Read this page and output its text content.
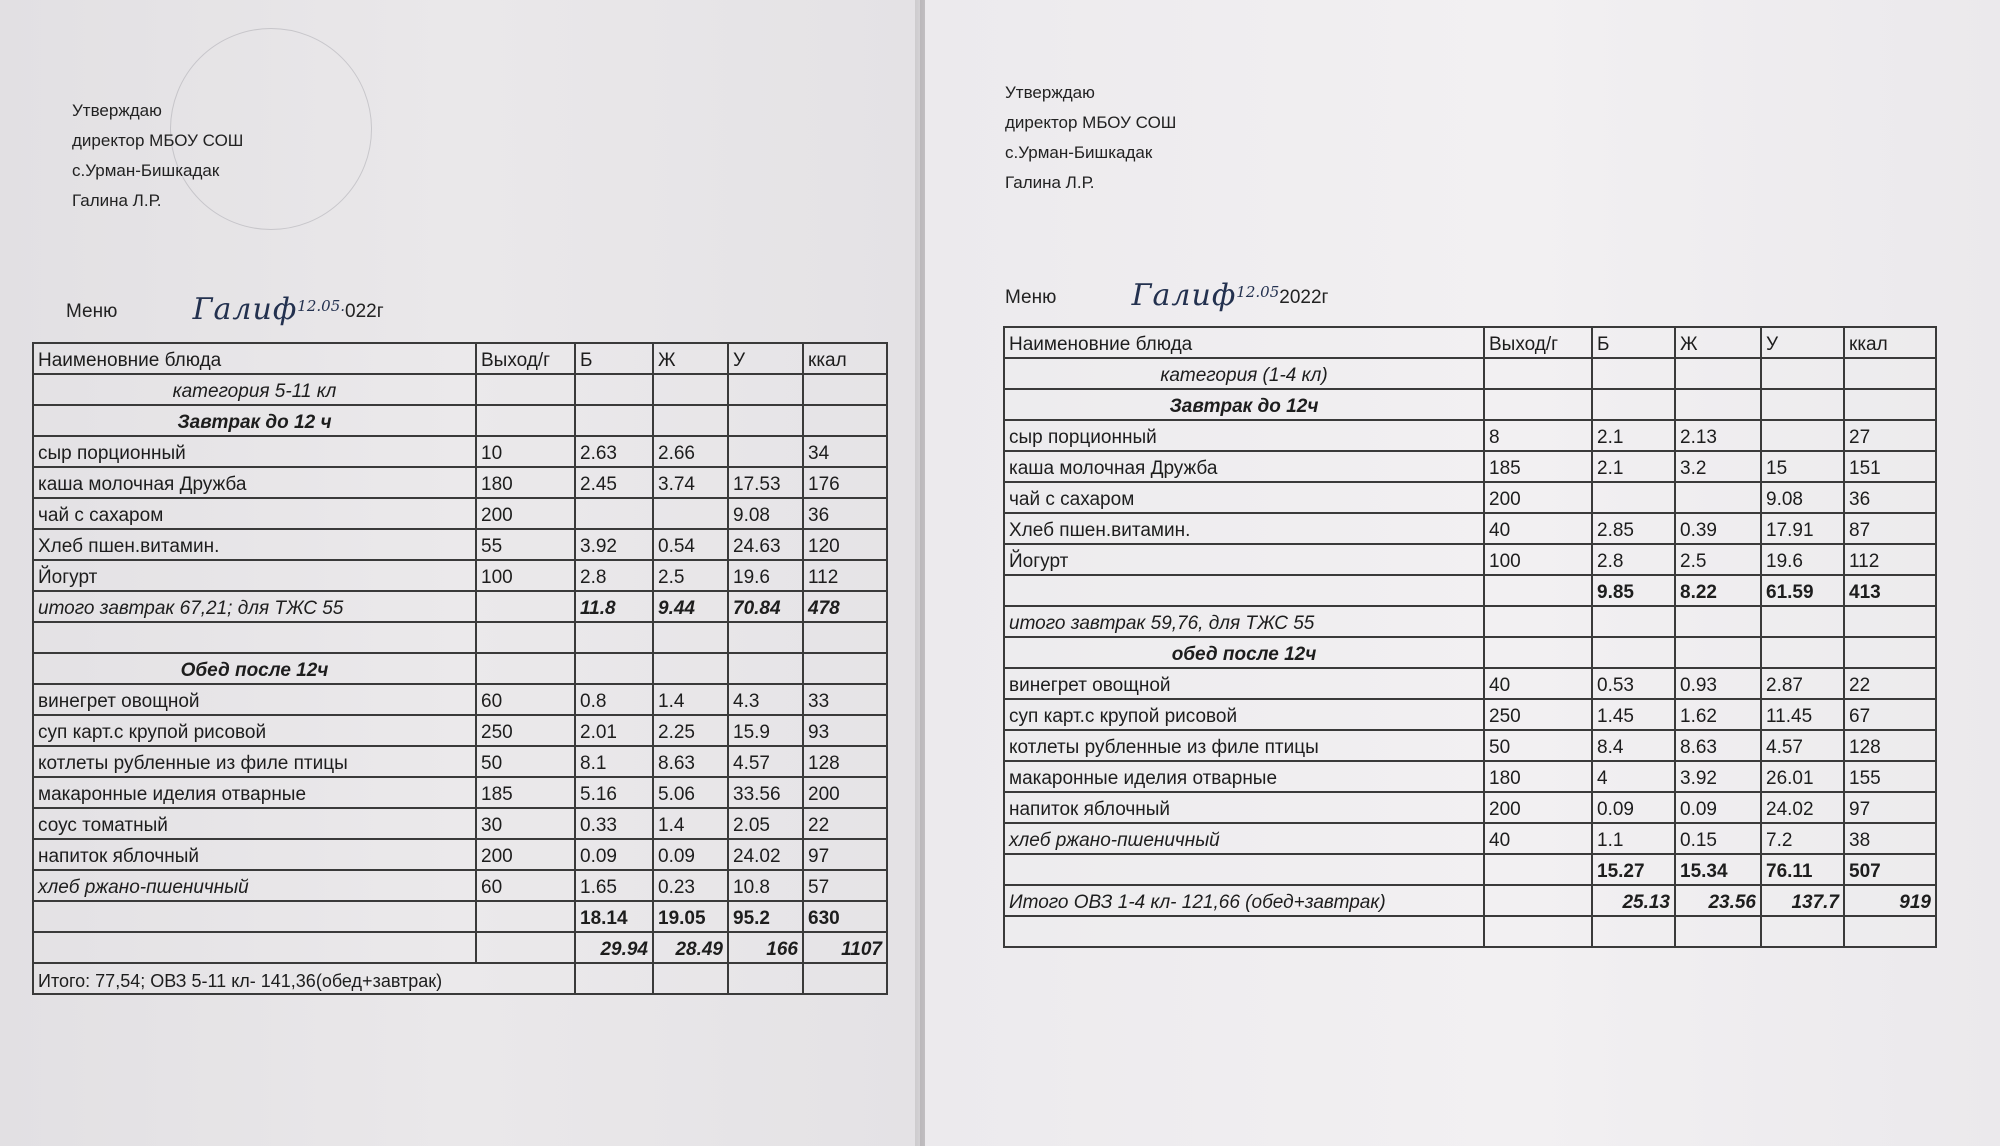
Утверждаю
директор МБОУ СОШ
с.Урман-Бишкадак
Галина Л.Р.
Меню	Галиф$^{12.05.}$022г
Наименовние блюда	Выход/г	Б	Ж	У	ккал
категория 5-11 кл					
Завтрак до 12 ч					
сыр порционный	10	2.63	2.66		34
каша молочная Дружба	180	2.45	3.74	17.53	176
чай с сахаром	200			9.08	36
Хлеб пшен.витамин.	55	3.92	0.54	24.63	120
Йогурт	100	2.8	2.5	19.6	112
итого завтрак 67,21; для ТЖС 55		11.8	9.44	70.84	478

Обед после 12ч					
винегрет овощной	60	0.8	1.4	4.3	33
суп карт.с крупой рисовой	250	2.01	2.25	15.9	93
котлеты рубленные из филе птицы	50	8.1	8.63	4.57	128
макаронные иделия отварные	185	5.16	5.06	33.56	200
соус томатный	30	0.33	1.4	2.05	22
напиток яблочный	200	0.09	0.09	24.02	97
хлеб ржано-пшеничный	60	1.65	0.23	10.8	57
		18.14	19.05	95.2	630
		29.94	28.49	166	1107
Итого: 77,54; ОВЗ 5-11 кл- 141,36(обед+завтрак)					
Утверждаю
директор МБОУ СОШ
с.Урман-Бишкадак
Галина Л.Р.
Меню	Галиф$^{12.05}$2022г
Наименовние блюда	Выход/г	Б	Ж	У	ккал
категория (1-4 кл)					
Завтрак до 12ч					
сыр порционный	8	2.1	2.13		27
каша молочная Дружба	185	2.1	3.2	15	151
чай с сахаром	200			9.08	36
Хлеб пшен.витамин.	40	2.85	0.39	17.91	87
Йогурт	100	2.8	2.5	19.6	112
		9.85	8.22	61.59	413
итого завтрак 59,76, для ТЖС 55					
обед после 12ч					
винегрет овощной	40	0.53	0.93	2.87	22
суп карт.с крупой рисовой	250	1.45	1.62	11.45	67
котлеты рубленные из филе птицы	50	8.4	8.63	4.57	128
макаронные иделия отварные	180	4	3.92	26.01	155
напиток яблочный	200	0.09	0.09	24.02	97
хлеб ржано-пшеничный	40	1.1	0.15	7.2	38
		15.27	15.34	76.11	507
Итого ОВЗ 1-4 кл- 121,66 (обед+завтрак)		25.13	23.56	137.7	919
